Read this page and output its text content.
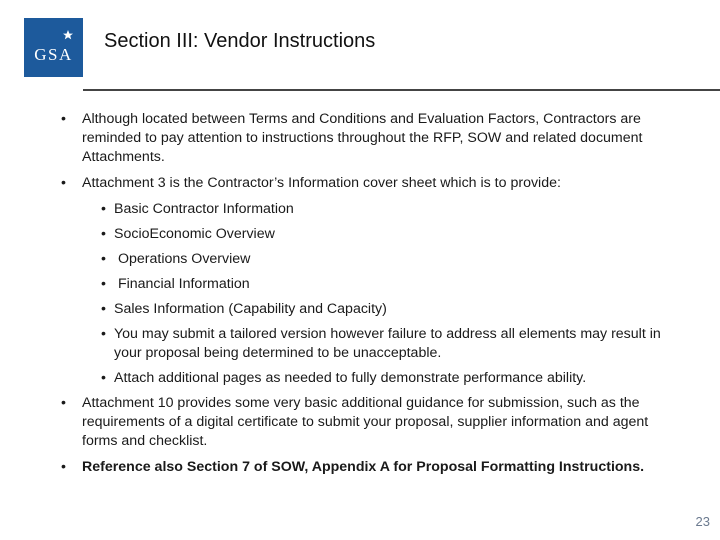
GSA
Section III: Vendor Instructions
• Although located between Terms and Conditions and Evaluation Factors, Contractors are reminded to pay attention to instructions throughout the RFP, SOW and related document Attachments.
• Attachment 3 is the Contractor’s Information cover sheet which is to provide:
• Basic Contractor Information
• SocioEconomic Overview
• Operations Overview
• Financial Information
• Sales Information (Capability and Capacity)
• You may submit a tailored version however failure to address all elements may result in your proposal being determined to be unacceptable.
• Attach additional pages as needed to fully demonstrate performance ability.
• Attachment 10 provides some very basic additional guidance for submission, such as the requirements of a digital certificate to submit your proposal, supplier information and agent forms and checklist.
• Reference also Section 7 of SOW, Appendix A for Proposal Formatting Instructions.
23
